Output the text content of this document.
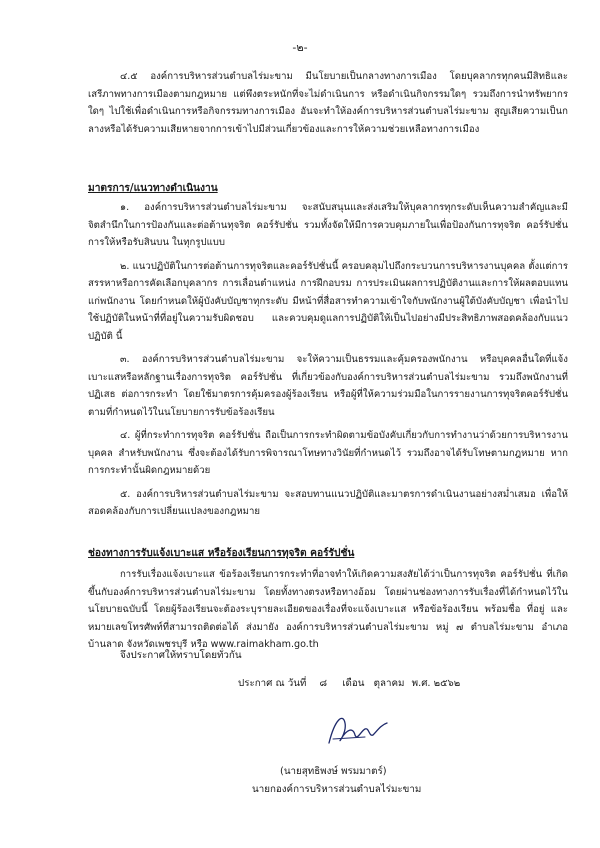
-๒-

๔.๕ องค์การบริหารส่วนตำบลไร่มะขาม มีนโยบายเป็นกลางทางการเมือง โดยบุคลากรทุกคนมีสิทธิและเสรีภาพทางการเมืองตามกฎหมาย แต่พึงตระหนักที่จะไม่ดำเนินการ หรือดำเนินกิจกรรมใดๆ รวมถึงการนำทรัพยากรใดๆ ไปใช้เพื่อดำเนินการหรือกิจกรรมทางการเมือง อันจะทำให้องค์การบริหารส่วนตำบลไร่มะขาม สูญเสียความเป็นกลางหรือได้รับความเสียหายจากการเข้าไปมีส่วนเกี่ยวข้องและการให้ความช่วยเหลือทางการเมือง

มาตรการ/แนวทางดำเนินงาน

๑. องค์การบริหารส่วนตำบลไร่มะขาม จะสนับสนุนและส่งเสริมให้บุคลากรทุกระดับเห็นความสำคัญและมีจิตสำนึกในการป้องกันและต่อต้านทุจริต คอร์รัปชั่น รวมทั้งจัดให้มีการควบคุมภายในเพื่อป้องกันการทุจริต คอร์รัปชั่น การให้หรือรับสินบน ในทุกรูปแบบ

๒. แนวปฏิบัติในการต่อต้านการทุจริตและคอร์รัปชั่นนี้ ครอบคลุมไปถึงกระบวนการบริหารงานบุคคล ตั้งแต่การสรรหาหรือการคัดเลือกบุคลากร การเลื่อนตำแหน่ง การฝึกอบรม การประเมินผลการปฏิบัติงานและการให้ผลตอบแทนแก่พนักงาน โดยกำหนดให้ผู้บังคับบัญชาทุกระดับ มีหน้าที่สื่อสารทำความเข้าใจกับพนักงานผู้ใต้บังคับบัญชา เพื่อนำไปใช้ปฏิบัติในหน้าที่ที่อยู่ในความรับผิดชอบ และควบคุมดูแลการปฏิบัติให้เป็นไปอย่างมีประสิทธิภาพสอดคล้องกับแนวปฏิบัติ นี้

๓. องค์การบริหารส่วนตำบลไร่มะขาม จะให้ความเป็นธรรมและคุ้มครองพนักงาน หรือบุคคลอื่นใดที่แจ้งเบาะแสหรือหลักฐานเรื่องการทุจริต คอร์รัปชั่น ที่เกี่ยวข้องกับองค์การบริหารส่วนตำบลไร่มะขาม รวมถึงพนักงานที่ปฏิเสธ ต่อการกระทำ โดยใช้มาตรการคุ้มครองผู้ร้องเรียน หรือผู้ที่ให้ความร่วมมือในการรายงานการทุจริตคอร์รัปชั่น ตามที่กำหนดไว้ในนโยบายการรับข้อร้องเรียน

๔. ผู้ที่กระทำการทุจริต คอร์รัปชั่น ถือเป็นการกระทำผิดตามข้อบังคับเกี่ยวกับการทำงานว่าด้วยการบริหารงานบุคคล สำหรับพนักงาน ซึ่งจะต้องได้รับการพิจารณาโทษทางวินัยที่กำหนดไว้ รวมถึงอาจได้รับโทษตามกฎหมาย หากการกระทำนั้นผิดกฎหมายด้วย

๕. องค์การบริหารส่วนตำบลไร่มะขาม จะสอบทานแนวปฏิบัติและมาตรการดำเนินงานอย่างสม่ำเสมอ เพื่อให้สอดคล้องกับการเปลี่ยนแปลงของกฎหมาย

ช่องทางการรับแจ้งเบาะแส หรือร้องเรียนการทุจริต คอร์รัปชั่น

การรับเรื่องแจ้งเบาะแส ข้อร้องเรียนการกระทำที่อาจทำให้เกิดความสงสัยได้ว่าเป็นการทุจริต คอร์รัปชั่น ที่เกิดขึ้นกับองค์การบริหารส่วนตำบลไร่มะขาม โดยทั้งทางตรงหรือทางอ้อม โดยผ่านช่องทางการรับเรื่องที่ได้กำหนดไว้ในนโยบายฉบับนี้ โดยผู้ร้องเรียนจะต้องระบุรายละเอียดของเรื่องที่จะแจ้งเบาะแส หรือข้อร้องเรียน พร้อมชื่อ ที่อยู่ และหมายเลขโทรศัพท์ที่สามารถติดต่อได้ ส่งมายัง องค์การบริหารส่วนตำบลไร่มะขาม หมู่ ๗ ตำบลไร่มะขาม อำเภอบ้านลาด จังหวัดเพชรบุรี หรือ www.raimakham.go.th

จึงประกาศให้ทราบโดยทั่วกัน
ประกาศ ณ วันที่ ๘ เดือน ตุลาคม พ.ศ. ๒๕๖๒
(นายสุทธิพงษ์ พรมมาตร์)
นายกองค์การบริหารส่วนตำบลไร่มะขาม
